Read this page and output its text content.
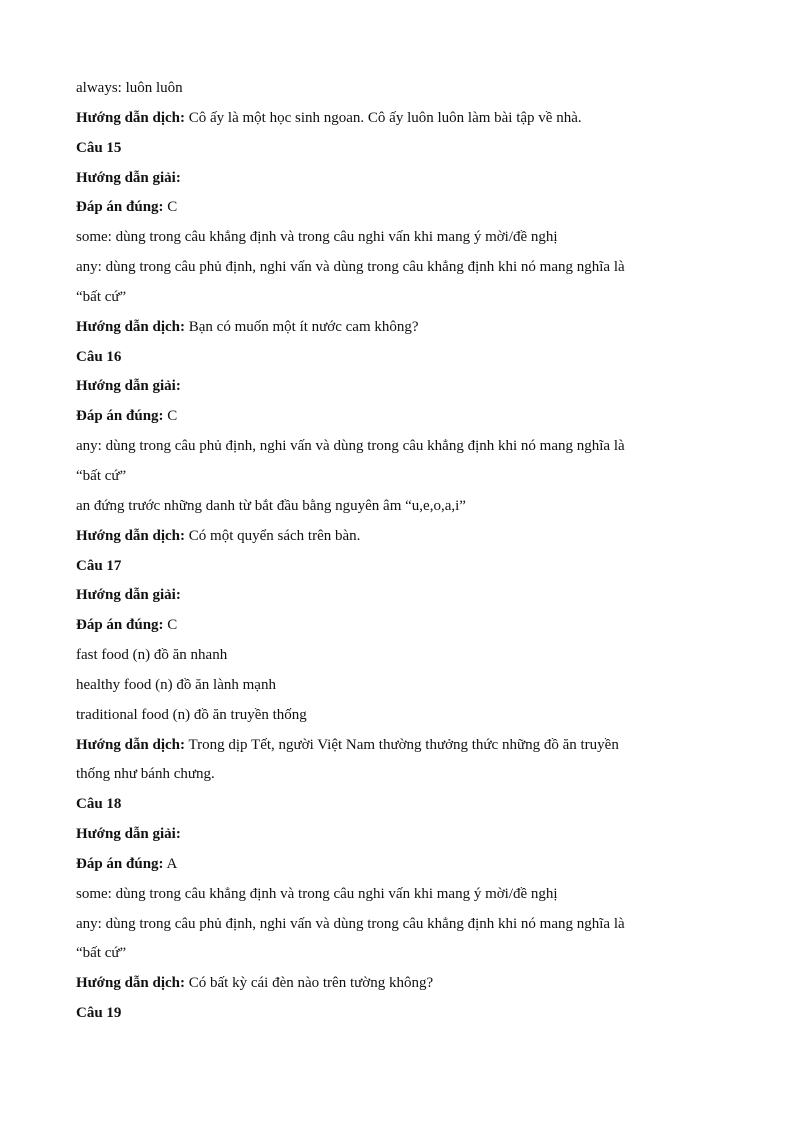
always: luôn luôn
Hướng dẫn dịch: Cô ấy là một học sinh ngoan. Cô ấy luôn luôn làm bài tập về nhà.
Câu 15
Hướng dẫn giải:
Đáp án đúng: C
some: dùng trong câu khẳng định và trong câu nghi vấn khi mang ý mời/đề nghị
any: dùng trong câu phủ định, nghi vấn và dùng trong câu khẳng định khi nó mang nghĩa là
“bất cứ”
Hướng dẫn dịch: Bạn có muốn một ít nước cam không?
Câu 16
Hướng dẫn giải:
Đáp án đúng: C
any: dùng trong câu phủ định, nghi vấn và dùng trong câu khẳng định khi nó mang nghĩa là
“bất cứ”
an đứng trước những danh từ bắt đầu bằng nguyên âm “u,e,o,a,i”
Hướng dẫn dịch: Có một quyển sách trên bàn.
Câu 17
Hướng dẫn giải:
Đáp án đúng: C
fast food (n) đồ ăn nhanh
healthy food (n) đồ ăn lành mạnh
traditional food (n) đồ ăn truyền thống
Hướng dẫn dịch: Trong dịp Tết, người Việt Nam thường thưởng thức những đồ ăn truyền
thống như bánh chưng.
Câu 18
Hướng dẫn giải:
Đáp án đúng: A
some: dùng trong câu khẳng định và trong câu nghi vấn khi mang ý mời/đề nghị
any: dùng trong câu phủ định, nghi vấn và dùng trong câu khẳng định khi nó mang nghĩa là
“bất cứ”
Hướng dẫn dịch: Có bất kỳ cái đèn nào trên tường không?
Câu 19
